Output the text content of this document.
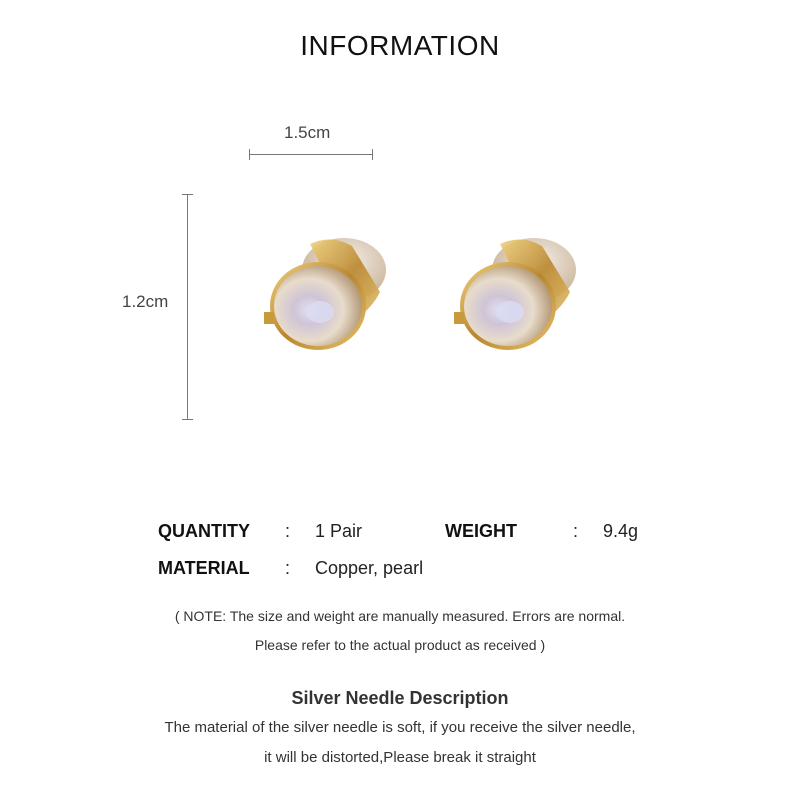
INFORMATION
1.5cm
1.2cm
QUANTITY : 1 Pair	WEIGHT	: 9.4g
MATERIAL : Copper, pearl
( NOTE: The size and weight are manually measured. Errors are normal.
Please refer to the actual product as received )
Silver Needle Description
The material of the silver needle is soft, if you receive the silver needle,
it will be distorted,Please break it straight
